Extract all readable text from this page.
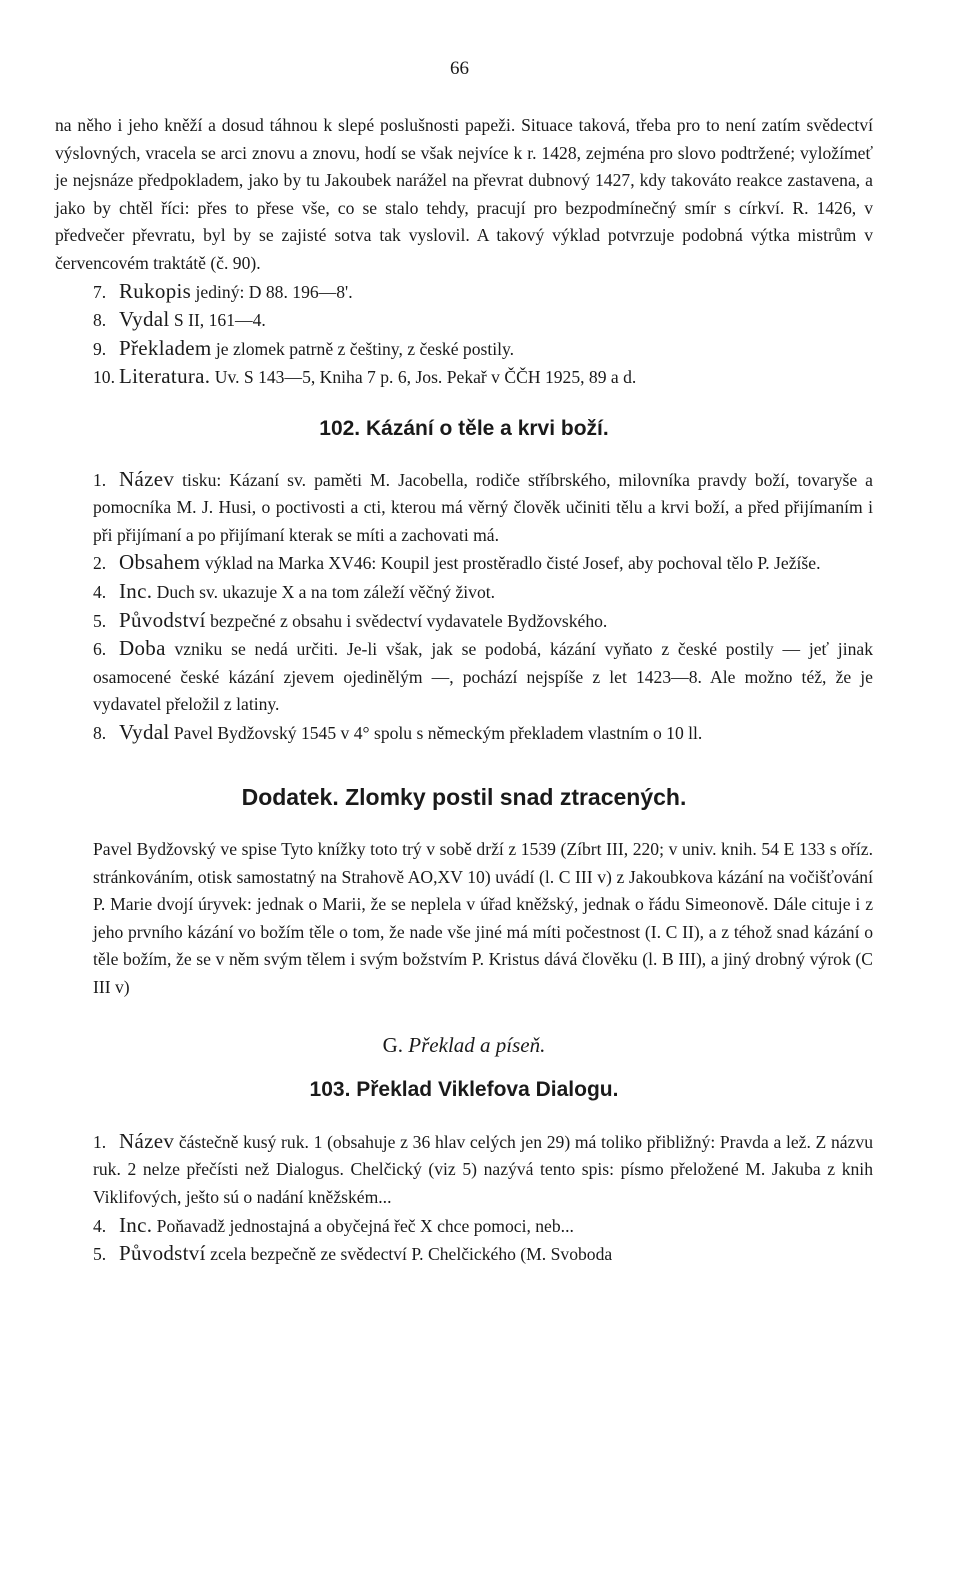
66

na něho i jeho kněží a dosud táhnou k slepé poslušnosti papeži. Situace taková, třeba pro to není zatím svědectví výslovných, vracela se arci znovu a znovu, hodí se však nejvíce k r. 1428, zejména pro slovo podtržené; vyložímeť je nejsnáze předpokladem, jako by tu Jakoubek narážel na převrat dubnový 1427, kdy takováto reakce zastavena, a jako by chtěl říci: přes to přese vše, co se stalo tehdy, pracují pro bezpodmínečný smír s církví. R. 1426, v předvečer převratu, byl by se zajisté sotva tak vyslovil. A takový výklad potvrzuje podobná výtka mistrům v červencovém traktátě (č. 90).

7. Rukopis jediný: D 88. 196—8'.

8. Vydal S II, 161—4.

9. Překladem je zlomek patrně z češtiny, z české postily.

10. Literatura. Uv. S 143—5, Kniha 7 p. 6, Jos. Pekař v ČČH 1925, 89 a d.

102. Kázání o těle a krvi boží.

1. Název tisku: Kázaní sv. paměti M. Jacobella, rodiče stříbrského, milovníka pravdy boží, tovaryše a pomocníka M. J. Husi, o poctivosti a cti, kterou má věrný člověk učiniti tělu a krvi boží, a před přijímaním i při přijímaní a po přijímaní kterak se míti a zachovati má.

2. Obsahem výklad na Marka XV46: Koupil jest prostěradlo čisté Josef, aby pochoval tělo P. Ježíše.

4. Inc. Duch sv. ukazuje X a na tom záleží věčný život.

5. Původství bezpečné z obsahu i svědectví vydavatele Bydžovského.

6. Doba vzniku se nedá určiti. Je-li však, jak se podobá, kázání vyňato z české postily — jeť jinak osamocené české kázání zjevem ojedinělým —, pochází nejspíše z let 1423—8. Ale možno též, že je vydavatel přeložil z latiny.

8. Vydal Pavel Bydžovský 1545 v 4° spolu s německým překladem vlastním o 10 ll.

Dodatek. Zlomky postil snad ztracených.

Pavel Bydžovský ve spise Tyto knížky toto trý v sobě drží z 1539 (Zíbrt III, 220; v univ. knih. 54 E 133 s oříz. stránkováním, otisk samostatný na Strahově AO,XV 10) uvádí (l. C III v) z Jakoubkova kázání na vočišťování P. Marie dvojí úryvek: jednak o Marii, že se neplela v úřad kněžský, jednak o řádu Simeonově. Dále cituje i z jeho prvního kázání vo božím těle o tom, že nade vše jiné má míti počestnost (I. C II), a z téhož snad kázání o těle božím, že se v něm svým tělem i svým božstvím P. Kristus dává člověku (l. B III), a jiný drobný výrok (C III v)

G. Překlad a píseň.
103. Překlad Viklefova Dialogu.

1. Název částečně kusý ruk. 1 (obsahuje z 36 hlav celých jen 29) má toliko přibližný: Pravda a lež. Z názvu ruk. 2 nelze přečísti než Dialogus. Chelčický (viz 5) nazývá tento spis: písmo přeložené M. Jakuba z knih Viklifových, ješto sú o nadání kněžském...

4. Inc. Poňavadž jednostajná a obyčejná řeč X chce pomoci, neb...

5. Původství zcela bezpečně ze svědectví P. Chelčického (M. Svoboda
